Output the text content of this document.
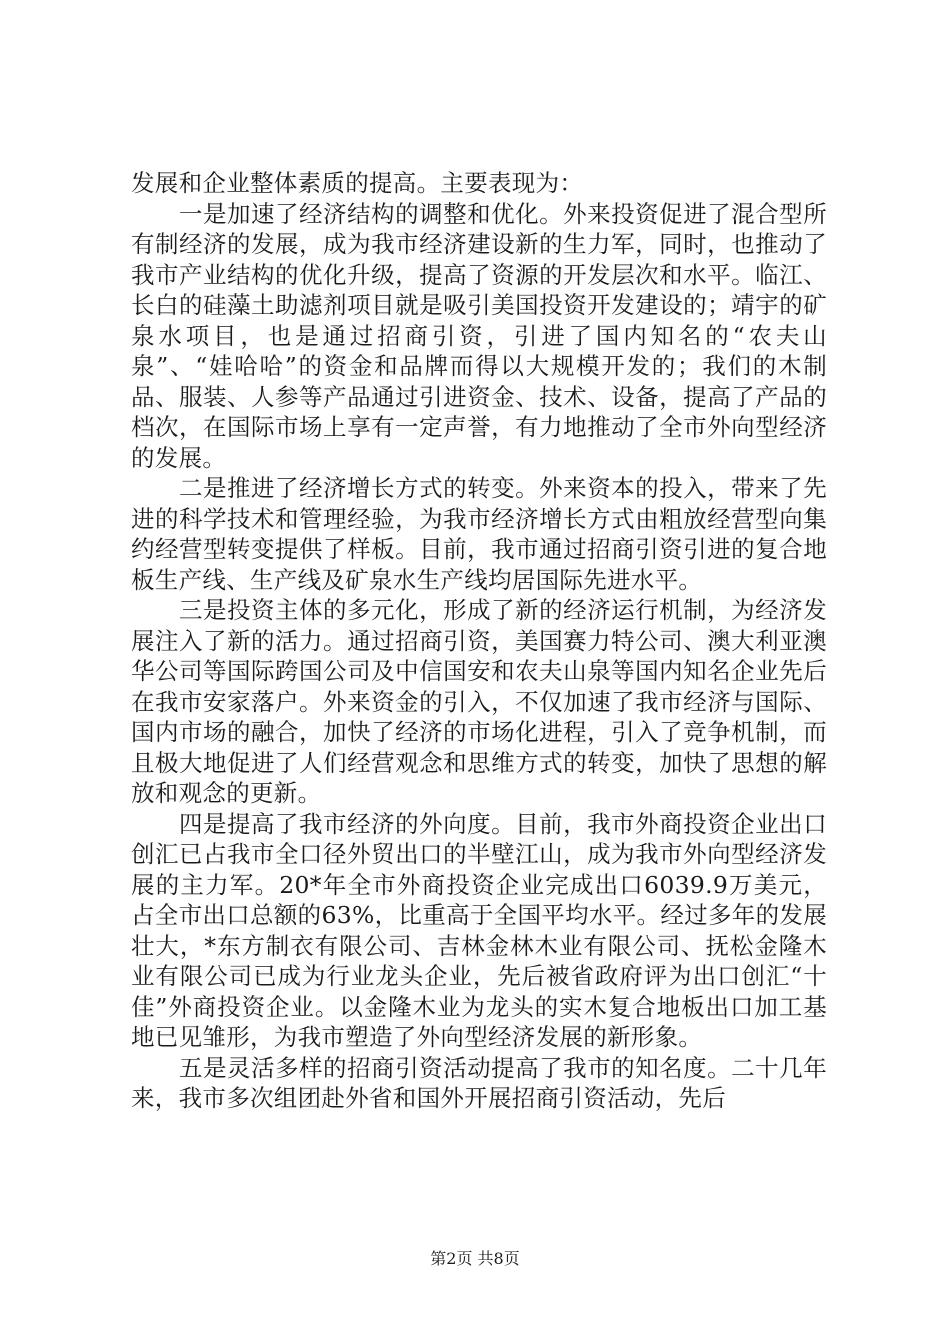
发展和企业整体素质的提高。主要表现为：

一是加速了经济结构的调整和优化。外来投资促进了混合型所有制经济的发展，成为我市经济建设新的生力军，同时，也推动了我市产业结构的优化升级，提高了资源的开发层次和水平。临江、长白的硅藻土助滤剂项目就是吸引美国投资开发建设的；靖宇的矿泉水项目，也是通过招商引资，引进了国内知名的“农夫山泉”、“娃哈哈”的资金和品牌而得以大规模开发的；我们的木制品、服装、人参等产品通过引进资金、技术、设备，提高了产品的档次，在国际市场上享有一定声誉，有力地推动了全市外向型经济的发展。

二是推进了经济增长方式的转变。外来资本的投入，带来了先进的科学技术和管理经验，为我市经济增长方式由粗放经营型向集约经营型转变提供了样板。目前，我市通过招商引资引进的复合地板生产线、生产线及矿泉水生产线均居国际先进水平。

三是投资主体的多元化，形成了新的经济运行机制，为经济发展注入了新的活力。通过招商引资，美国赛力特公司、澳大利亚澳华公司等国际跨国公司及中信国安和农夫山泉等国内知名企业先后在我市安家落户。外来资金的引入，不仅加速了我市经济与国际、国内市场的融合，加快了经济的市场化进程，引入了竞争机制，而且极大地促进了人们经营观念和思维方式的转变，加快了思想的解放和观念的更新。

四是提高了我市经济的外向度。目前，我市外商投资企业出口创汇已占我市全口径外贸出口的半壁江山，成为我市外向型经济发展的主力军。20*年全市外商投资企业完成出口6039.9万美元，占全市出口总额的63%，比重高于全国平均水平。经过多年的发展壮大，*东方制衣有限公司、吉林金林木业有限公司、抚松金隆木业有限公司已成为行业龙头企业，先后被省政府评为出口创汇“十佳”外商投资企业。以金隆木业为龙头的实木复合地板出口加工基地已见雏形，为我市塑造了外向型经济发展的新形象。

五是灵活多样的招商引资活动提高了我市的知名度。二十几年来，我市多次组团赴外省和国外开展招商引资活动，先后

第2页 共8页
